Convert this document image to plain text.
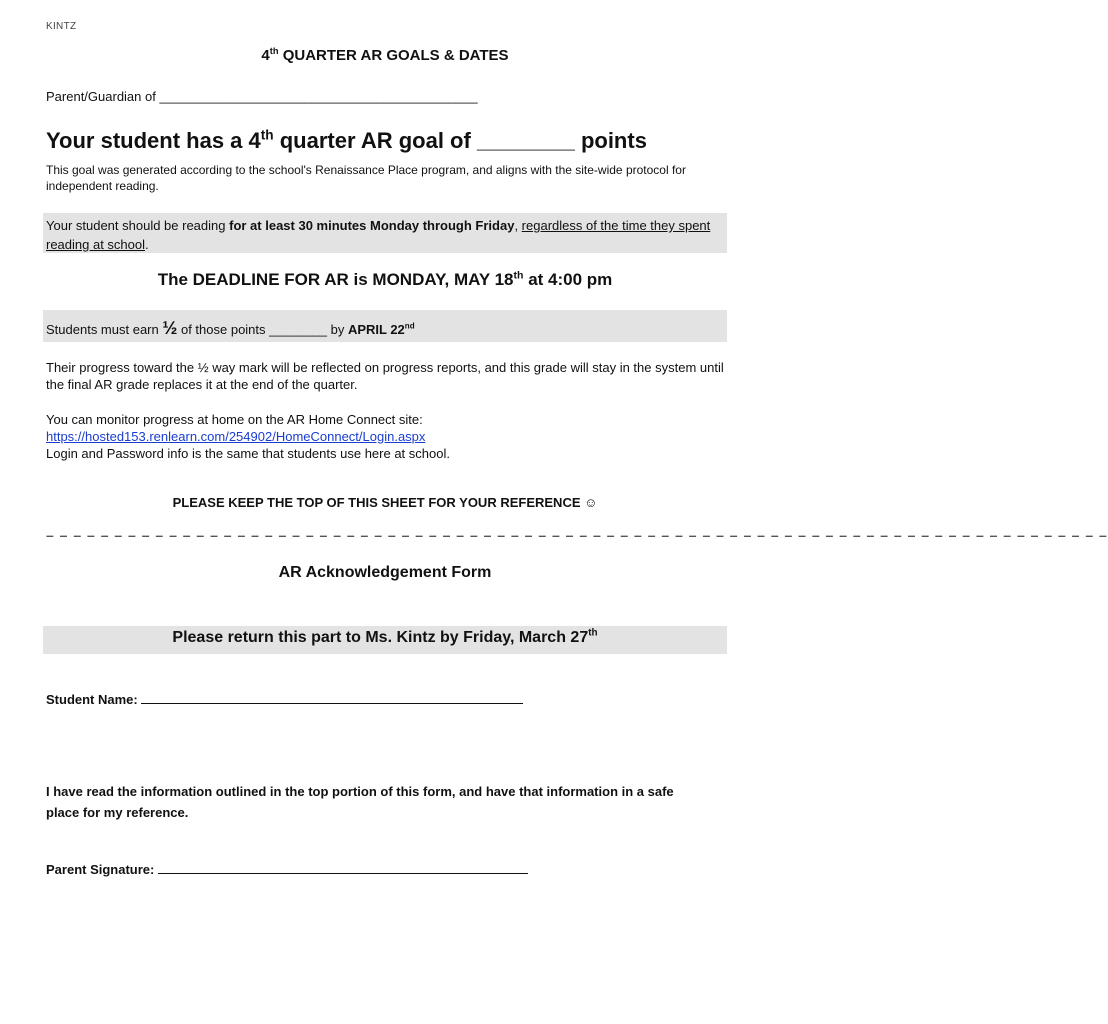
KINTZ
4th QUARTER AR GOALS & DATES
Parent/Guardian of ____________________________________________
Your student has a 4th quarter AR goal of ________ points
This goal was generated according to the school's Renaissance Place program, and aligns with the site-wide protocol for independent reading.
Your student should be reading for at least 30 minutes Monday through Friday, regardless of the time they spent reading at school.
The DEADLINE FOR AR is MONDAY, MAY 18th at 4:00 pm
Students must earn ½ of those points ________ by APRIL 22nd
Their progress toward the ½ way mark will be reflected on progress reports, and this grade will stay in the system until the final AR grade replaces it at the end of the quarter.
You can monitor progress at home on the AR Home Connect site:
https://hosted153.renlearn.com/254902/HomeConnect/Login.aspx
Login and Password info is the same that students use here at school.
PLEASE KEEP THE TOP OF THIS SHEET FOR YOUR REFERENCE ☺
– – – – – – – – – – – – – – – – – – – – – – – – – – – – – – – – – – – – – – – – – – – – – – – – – – – – – – – – – – – – – – – – – – – – – – – – – – – – – –
AR Acknowledgement Form
Please return this part to Ms. Kintz by Friday, March 27th
Student Name:
I have read the information outlined in the top portion of this form, and have that information in a safe place for my reference.
Parent Signature:
